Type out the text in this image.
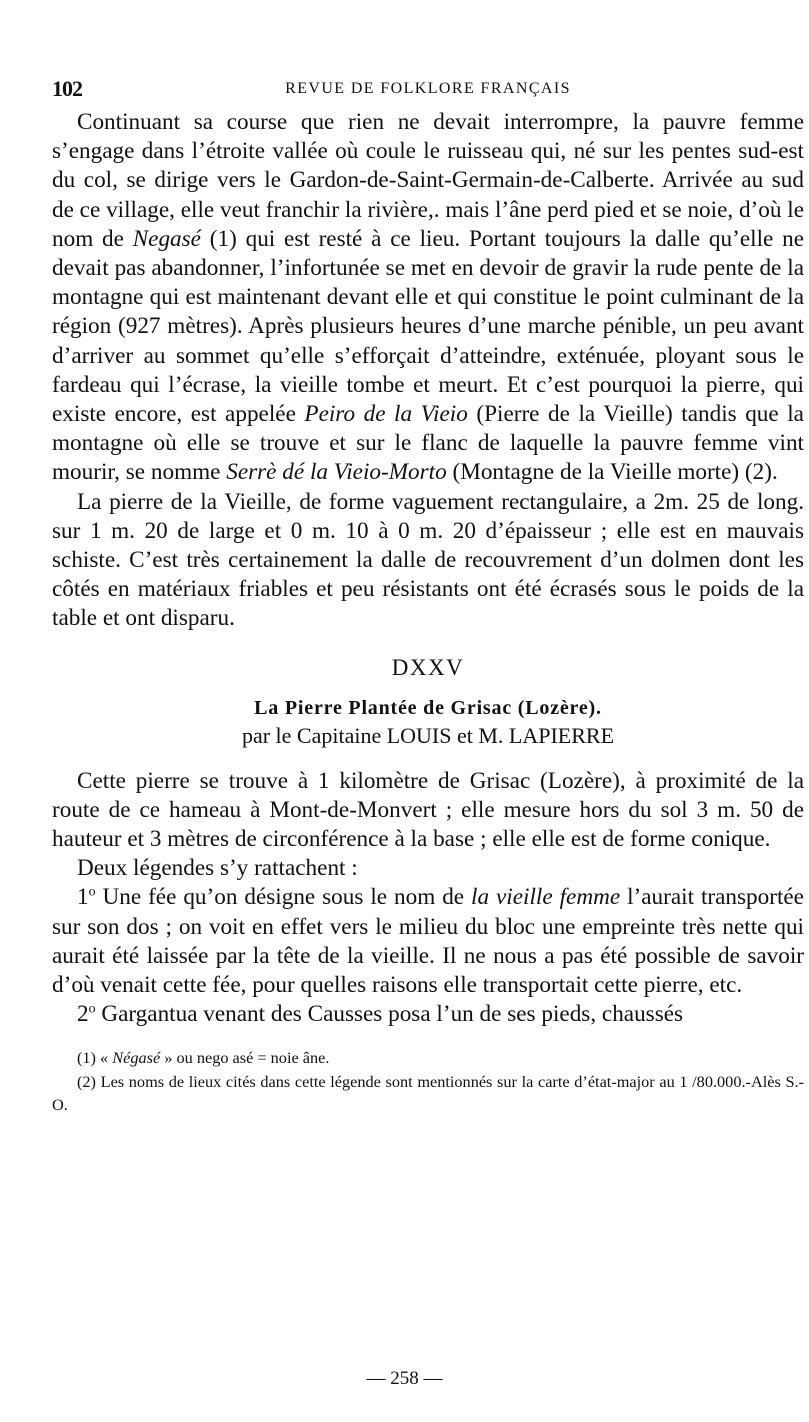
102	REVUE DE FOLKLORE FRANÇAIS

Continuant sa course que rien ne devait interrompre, la pauvre femme s’engage dans l’étroite vallée où coule le ruisseau qui, né sur les pentes sud-est du col, se dirige vers le Gardon-de-Saint-Germain-de-Calberte. Arrivée au sud de ce village, elle veut franchir la rivière,. mais l’âne perd pied et se noie, d’où le nom de Negasé (1) qui est resté à ce lieu. Portant toujours la dalle qu’elle ne devait pas abandonner, l’infortunée se met en devoir de gravir la rude pente de la montagne qui est maintenant devant elle et qui constitue le point culminant de la région (927 mètres). Après plusieurs heures d’une marche pénible, un peu avant d’arriver au sommet qu’elle s’efforçait d’atteindre, exténuée, ployant sous le fardeau qui l’écrase, la vieille tombe et meurt. Et c’est pourquoi la pierre, qui existe encore, est appelée Peiro de la Vieio (Pierre de la Vieille) tandis que la montagne où elle se trouve et sur le flanc de laquelle la pauvre femme vint mourir, se nomme Serrè dé la Vieio-Morto (Montagne de la Vieille morte) (2).

La pierre de la Vieille, de forme vaguement rectangulaire, a 2m. 25 de long. sur 1 m. 20 de large et 0 m. 10 à 0 m. 20 d’épaisseur ; elle est en mauvais schiste. C’est très certainement la dalle de recouvrement d’un dolmen dont les côtés en matériaux friables et peu résistants ont été écrasés sous le poids de la table et ont disparu.

DXXV
La Pierre Plantée de Grisac (Lozère).
par le Capitaine LOUIS et M. LAPIERRE

Cette pierre se trouve à 1 kilomètre de Grisac (Lozère), à proximité de la route de ce hameau à Mont-de-Monvert ; elle mesure hors du sol 3 m. 50 de hauteur et 3 mètres de circonférence à la base ; elle elle est de forme conique.

Deux légendes s’y rattachent :

1$^o$ Une fée qu’on désigne sous le nom de la vieille femme l’aurait transportée sur son dos ; on voit en effet vers le milieu du bloc une empreinte très nette qui aurait été laissée par la tête de la vieille. Il ne nous a pas été possible de savoir d’où venait cette fée, pour quelles raisons elle transportait cette pierre, etc.

2$^o$ Gargantua venant des Causses posa l’un de ses pieds, chaussés

(1) « Négasé » ou nego asé = noie âne.

(2) Les noms de lieux cités dans cette légende sont mentionnés sur la carte d’état-major au 1 /80.000.-Alès S.-O.

— 258 —
